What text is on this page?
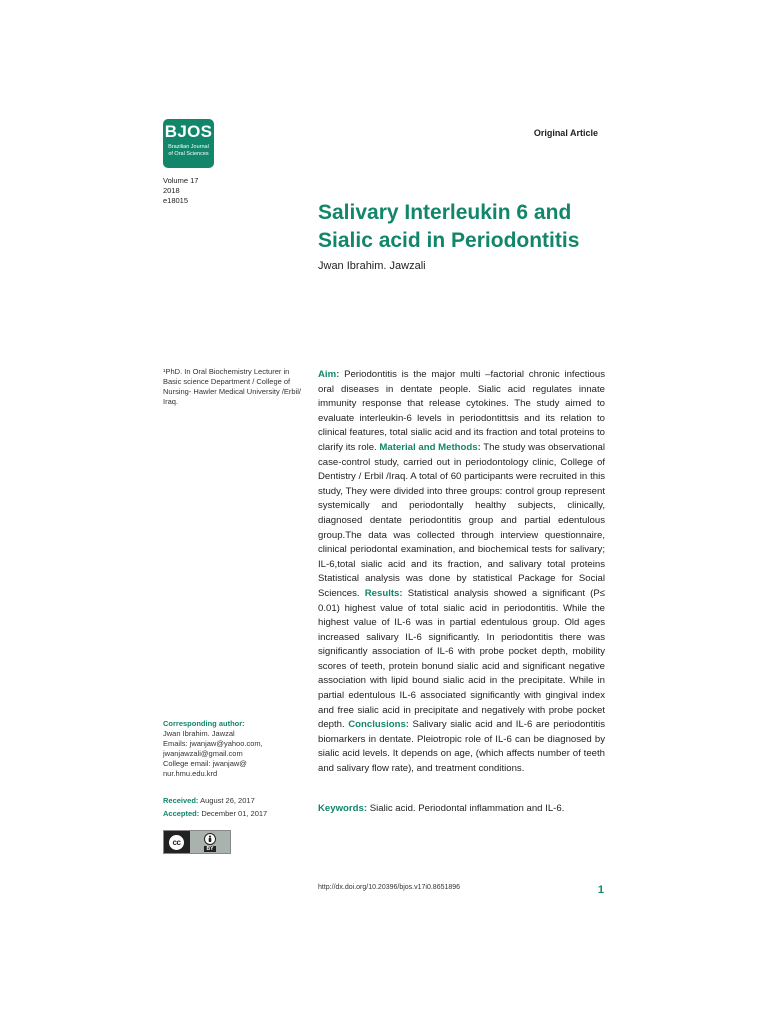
BJOS
Brazilian Journal
of Oral Sciences
Volume 17
2018
e18015
Original Article
Salivary Interleukin 6 and Sialic acid in Periodontitis
Jwan Ibrahim. Jawzali
¹PhD. In Oral Biochemistry Lecturer in Basic science Department / College of Nursing- Hawler Medical University /Erbil/ Iraq.
Aim: Periodontitis is the major multi –factorial chronic infectious oral diseases in dentate people. Sialic acid regulates innate immunity response that release cytokines. The study aimed to evaluate interleukin-6 levels in periodontittsis and its relation to clinical features, total sialic acid and its fraction and total proteins to clarify its role. Material and Methods: The study was observational case-control study, carried out in periodontology clinic, College of Dentistry / Erbil /Iraq. A total of 60 participants were recruited in this study, They were divided into three groups: control group represent systemically and periodontally healthy subjects, clinically, diagnosed dentate periodontitis group and partial edentulous group.The data was collected through interview questionnaire, clinical periodontal examination, and biochemical tests for salivary; IL-6,total sialic acid and its fraction, and salivary total proteins Statistical analysis was done by statistical Package for Social Sciences. Results: Statistical analysis showed a significant (P≤ 0.01) highest value of total sialic acid in periodontitis. While the highest value of IL-6 was in partial edentulous group. Old ages increased salivary IL-6 significantly. In periodontitis there was significantly association of IL-6 with probe pocket depth, mobility scores of teeth, protein bonund sialic acid and significant negative association with lipid bound sialic acid in the precipitate. While in partial edentulous IL-6 associated significantly with gingival index and free sialic acid in precipitate and negatively with probe pocket depth. Conclusions: Salivary sialic acid and IL-6 are periodontitis biomarkers in dentate. Pleiotropic role of IL-6 can be diagnosed by sialic acid levels. It depends on age, (which affects number of teeth and salivary flow rate), and treatment conditions.
Keywords: Sialic acid. Periodontal inflammation and IL-6.
Corresponding author:
Jwan Ibrahim. Jawzal
Emails: jwanjaw@yahoo.com,
jwanjawzali@gmail.com
College email: jwanjaw@
nur.hmu.edu.krd
Received: August 26, 2017
Accepted: December 01, 2017
cc
BY
http://dx.doi.org/10.20396/bjos.v17i0.8651896	1
